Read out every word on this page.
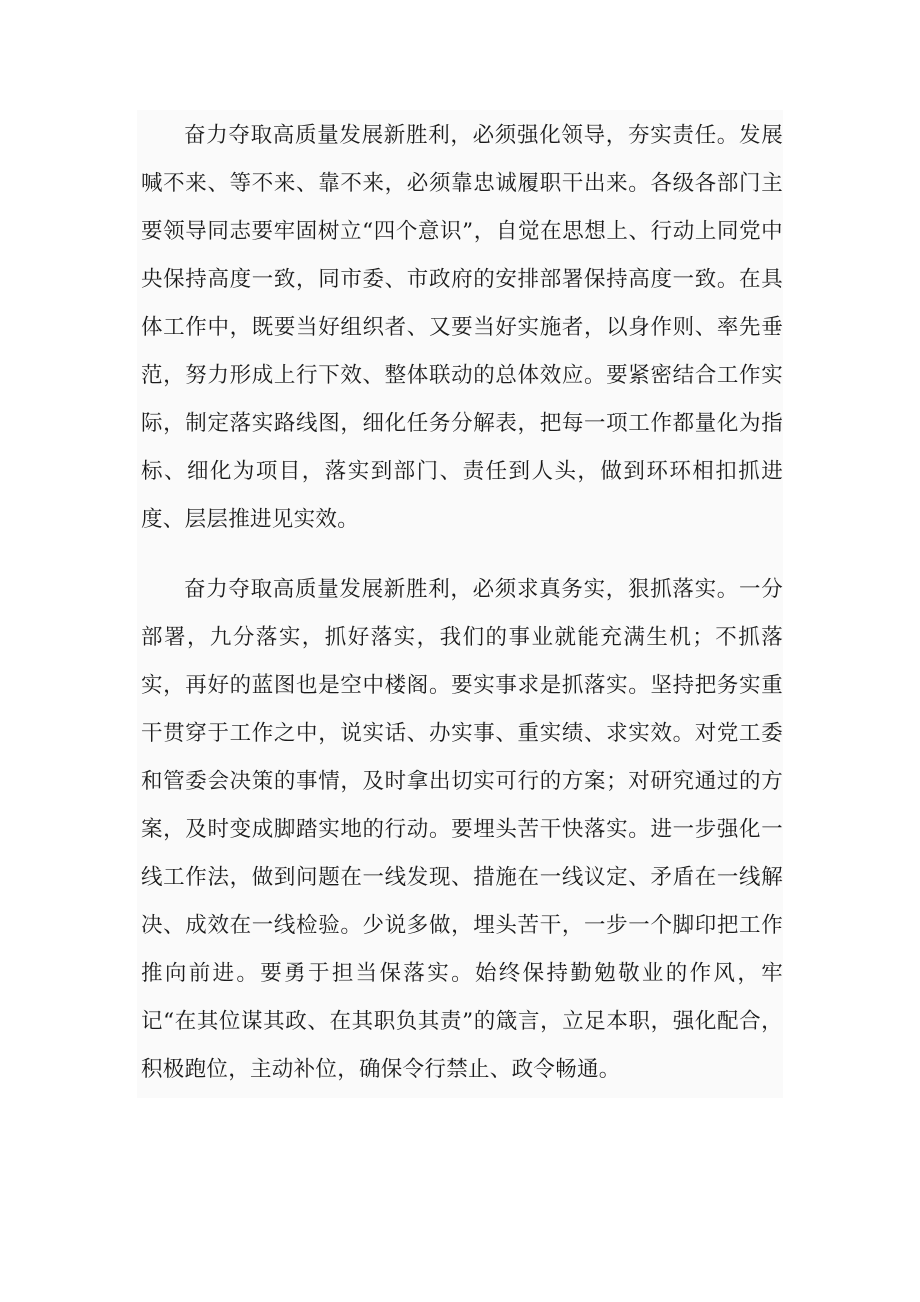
奋力夺取高质量发展新胜利，必须强化领导，夯实责任。发展喊不来、等不来、靠不来，必须靠忠诚履职干出来。各级各部门主要领导同志要牢固树立“四个意识”，自觉在思想上、行动上同党中央保持高度一致，同市委、市政府的安排部署保持高度一致。在具体工作中，既要当好组织者、又要当好实施者，以身作则、率先垂范，努力形成上行下效、整体联动的总体效应。要紧密结合工作实际，制定落实路线图，细化任务分解表，把每一项工作都量化为指标、细化为项目，落实到部门、责任到人头，做到环环相扣抓进度、层层推进见实效。

奋力夺取高质量发展新胜利，必须求真务实，狠抓落实。一分部署，九分落实，抓好落实，我们的事业就能充满生机；不抓落实，再好的蓝图也是空中楼阁。要实事求是抓落实。坚持把务实重干贯穿于工作之中，说实话、办实事、重实绩、求实效。对党工委和管委会决策的事情，及时拿出切实可行的方案；对研究通过的方案，及时变成脚踏实地的行动。要埋头苦干快落实。进一步强化一线工作法，做到问题在一线发现、措施在一线议定、矛盾在一线解决、成效在一线检验。少说多做，埋头苦干，一步一个脚印把工作推向前进。要勇于担当保落实。始终保持勤勉敬业的作风，牢记“在其位谋其政、在其职负其责”的箴言，立足本职，强化配合，积极跑位，主动补位，确保令行禁止、政令畅通。
